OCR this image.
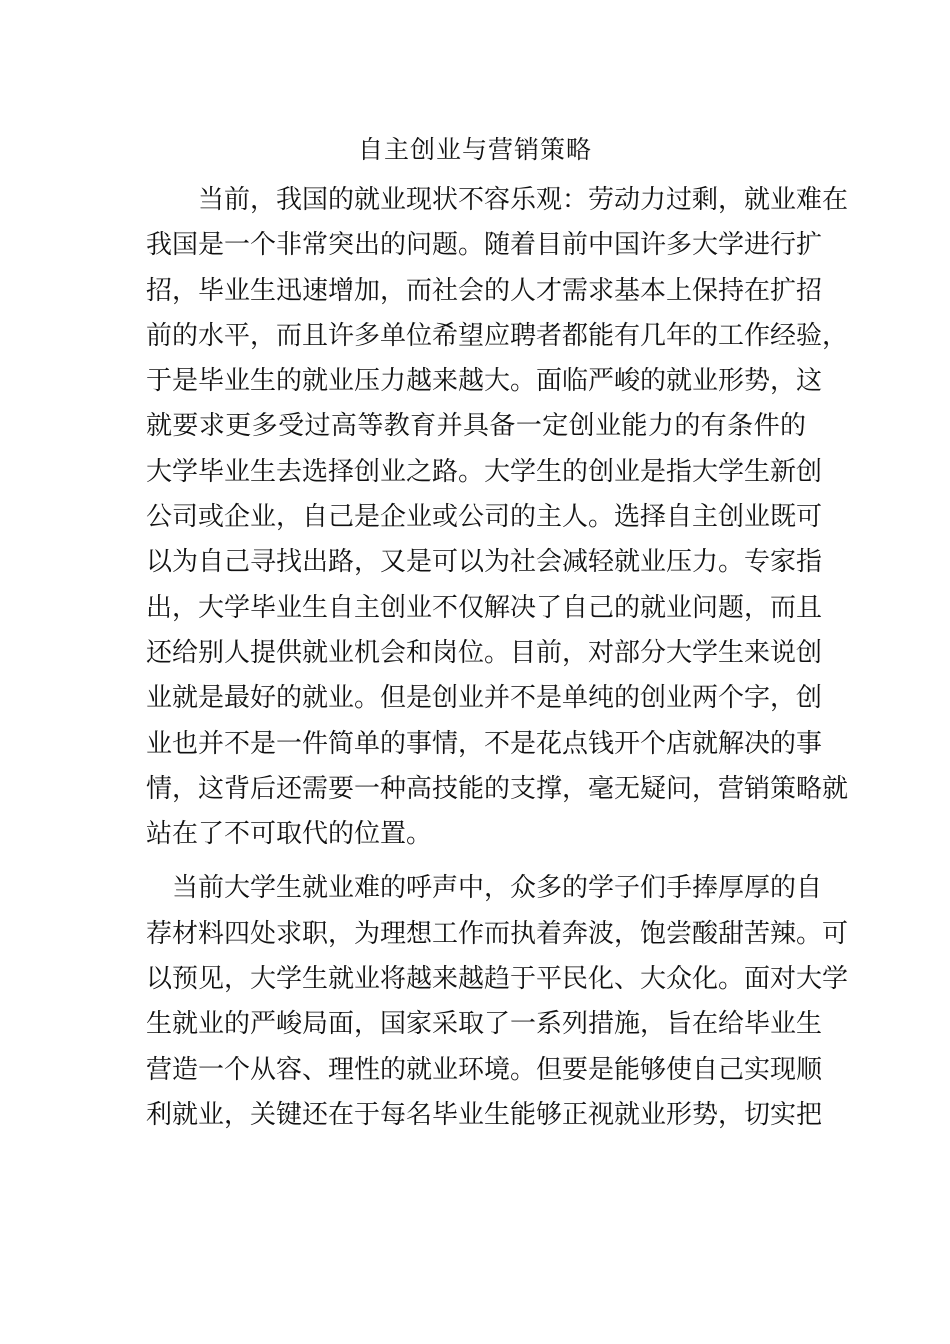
自主创业与营销策略
当前，我国的就业现状不容乐观：劳动力过剩，就业难在
我国是一个非常突出的问题。随着目前中国许多大学进行扩
招，毕业生迅速增加，而社会的人才需求基本上保持在扩招
前的水平，而且许多单位希望应聘者都能有几年的工作经验，
于是毕业生的就业压力越来越大。面临严峻的就业形势，这
就要求更多受过高等教育并具备一定创业能力的有条件的
大学毕业生去选择创业之路。大学生的创业是指大学生新创
公司或企业，自己是企业或公司的主人。选择自主创业既可
以为自己寻找出路，又是可以为社会减轻就业压力。专家指
出，大学毕业生自主创业不仅解决了自己的就业问题，而且
还给别人提供就业机会和岗位。目前，对部分大学生来说创
业就是最好的就业。但是创业并不是单纯的创业两个字，创
业也并不是一件简单的事情，不是花点钱开个店就解决的事
情，这背后还需要一种高技能的支撑，毫无疑问，营销策略就
站在了不可取代的位置。
当前大学生就业难的呼声中，众多的学子们手捧厚厚的自
荐材料四处求职，为理想工作而执着奔波，饱尝酸甜苦辣。可
以预见，大学生就业将越来越趋于平民化、大众化。面对大学
生就业的严峻局面，国家采取了一系列措施，旨在给毕业生
营造一个从容、理性的就业环境。但要是能够使自己实现顺
利就业，关键还在于每名毕业生能够正视就业形势，切实把
